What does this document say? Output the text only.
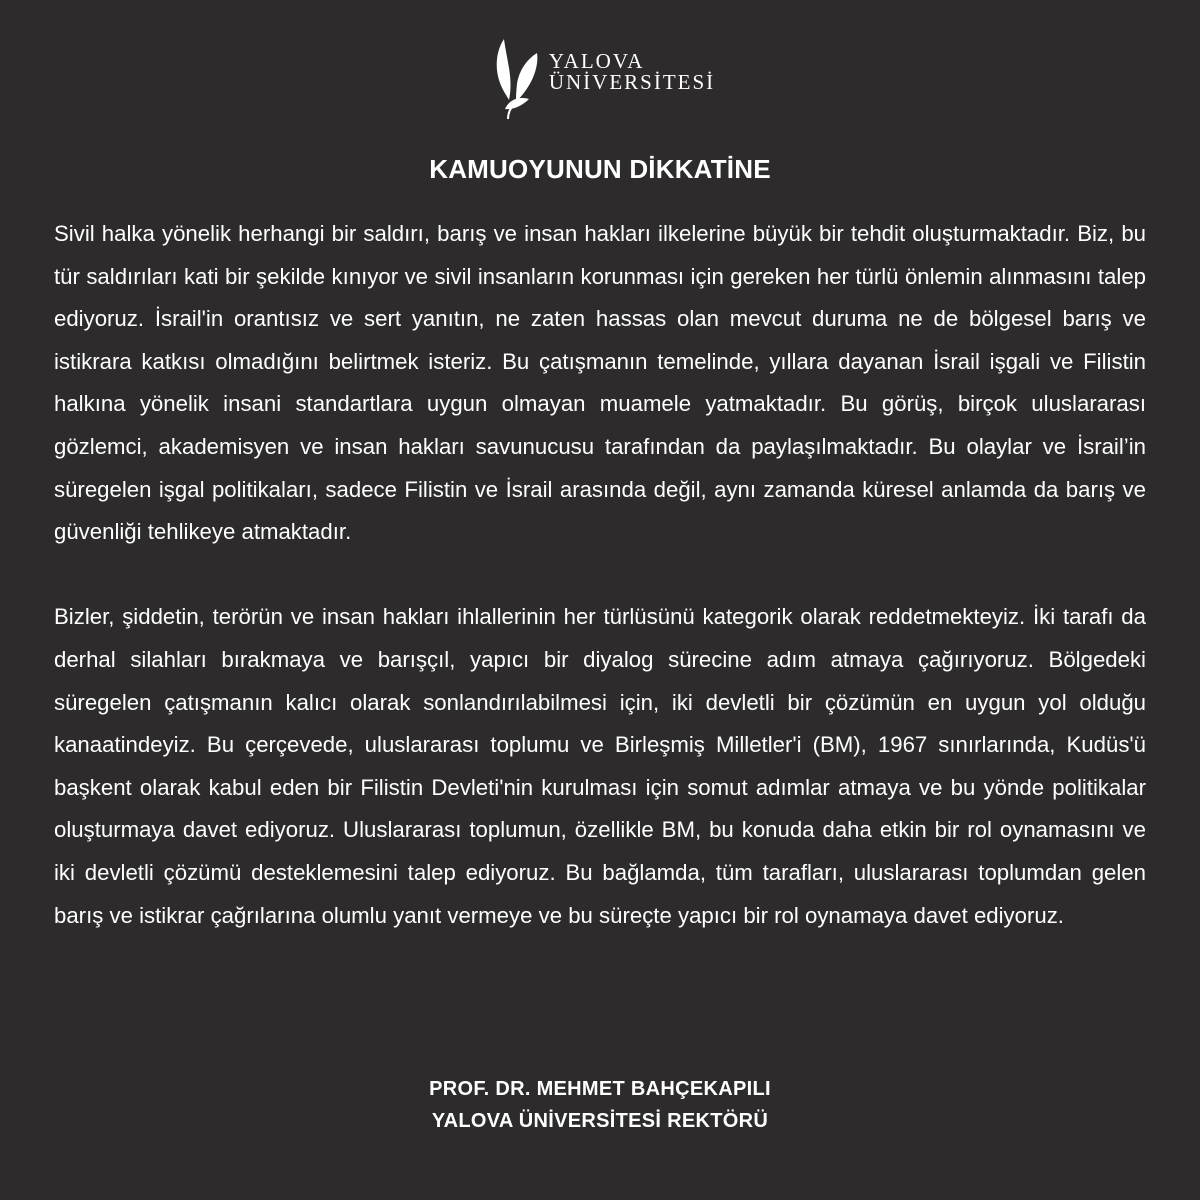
YALOVA
ÜNİVERSİTESİ
KAMUOYUNUN DİKKATİNE

Sivil halka yönelik herhangi bir saldırı, barış ve insan hakları ilkelerine büyük bir tehdit oluşturmaktadır. Biz, bu tür saldırıları kati bir şekilde kınıyor ve sivil insanların korunması için gereken her türlü önlemin alınmasını talep ediyoruz. İsrail'in orantısız ve sert yanıtın, ne zaten hassas olan mevcut duruma ne de bölgesel barış ve istikrara katkısı olmadığını belirtmek isteriz. Bu çatışmanın temelinde, yıllara dayanan İsrail işgali ve Filistin halkına yönelik insani standartlara uygun olmayan muamele yatmaktadır. Bu görüş, birçok uluslararası gözlemci, akademisyen ve insan hakları savunucusu tarafından da paylaşılmaktadır. Bu olaylar ve İsrail’in süregelen işgal politikaları, sadece Filistin ve İsrail arasında değil, aynı zamanda küresel anlamda da barış ve güvenliği tehlikeye atmaktadır.

Bizler, şiddetin, terörün ve insan hakları ihlallerinin her türlüsünü kategorik olarak reddetmekteyiz. İki tarafı da derhal silahları bırakmaya ve barışçıl, yapıcı bir diyalog sürecine adım atmaya çağırıyoruz. Bölgedeki süregelen çatışmanın kalıcı olarak sonlandırılabilmesi için, iki devletli bir çözümün en uygun yol olduğu kanaatindeyiz. Bu çerçevede, uluslararası toplumu ve Birleşmiş Milletler'i (BM), 1967 sınırlarında, Kudüs'ü başkent olarak kabul eden bir Filistin Devleti'nin kurulması için somut adımlar atmaya ve bu yönde politikalar oluşturmaya davet ediyoruz. Uluslararası toplumun, özellikle BM, bu konuda daha etkin bir rol oynamasını ve iki devletli çözümü desteklemesini talep ediyoruz. Bu bağlamda, tüm tarafları, uluslararası toplumdan gelen barış ve istikrar çağrılarına olumlu yanıt vermeye ve bu süreçte yapıcı bir rol oynamaya davet ediyoruz.

PROF. DR. MEHMET BAHÇEKAPILI
YALOVA ÜNİVERSİTESİ REKTÖRÜ
